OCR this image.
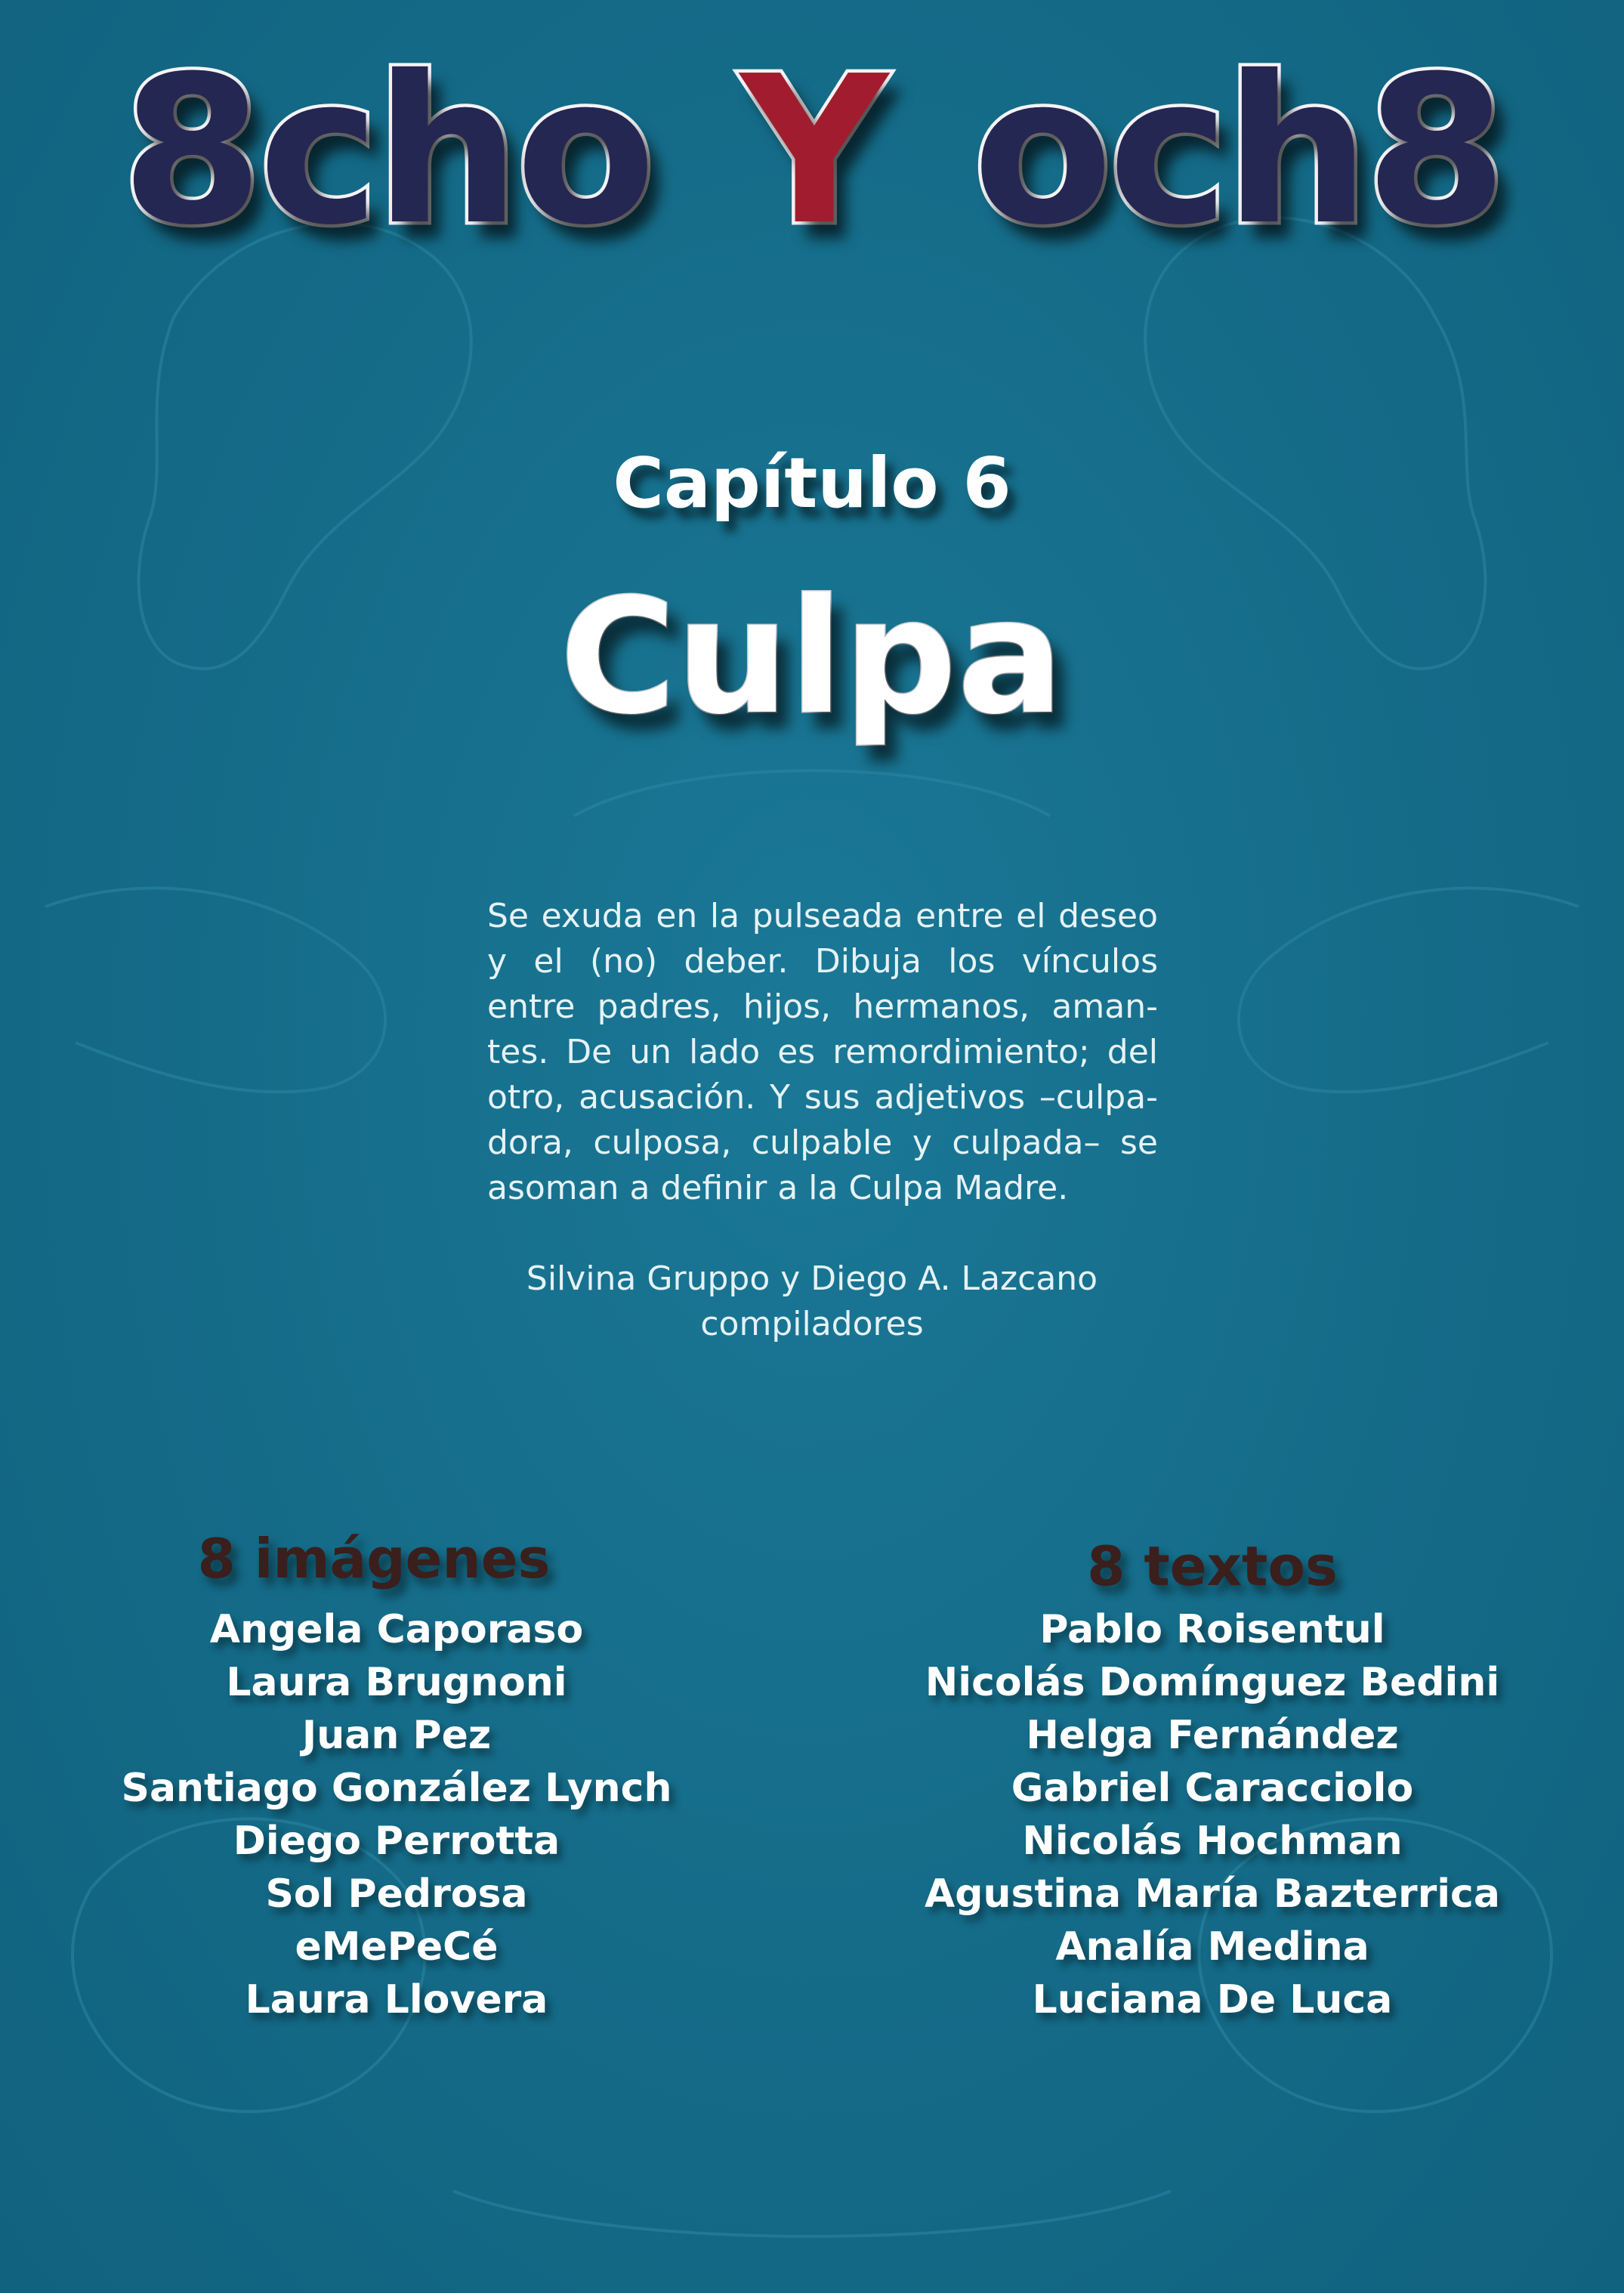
8cho Y och8
Capítulo 6
Culpa
Se exuda en la pulseada entre el deseo y el (no) deber. Dibuja los vínculos entre padres, hijos, hermanos, amantes. De un lado es remordimiento; del otro, acusación. Y sus adjetivos –culpadora, culposa, culpable y culpada– se asoman a definir a la Culpa Madre.
Silvina Gruppo y Diego A. Lazcano
compiladores
8 imágenes
Angela Caporaso
Laura Brugnoni
Juan Pez
Santiago González Lynch
Diego Perrotta
Sol Pedrosa
eMePeCé
Laura Llovera
8 textos
Pablo Roisentul
Nicolás Domínguez Bedini
Helga Fernández
Gabriel Caracciolo
Nicolás Hochman
Agustina María Bazterrica
Analía Medina
Luciana De Luca
